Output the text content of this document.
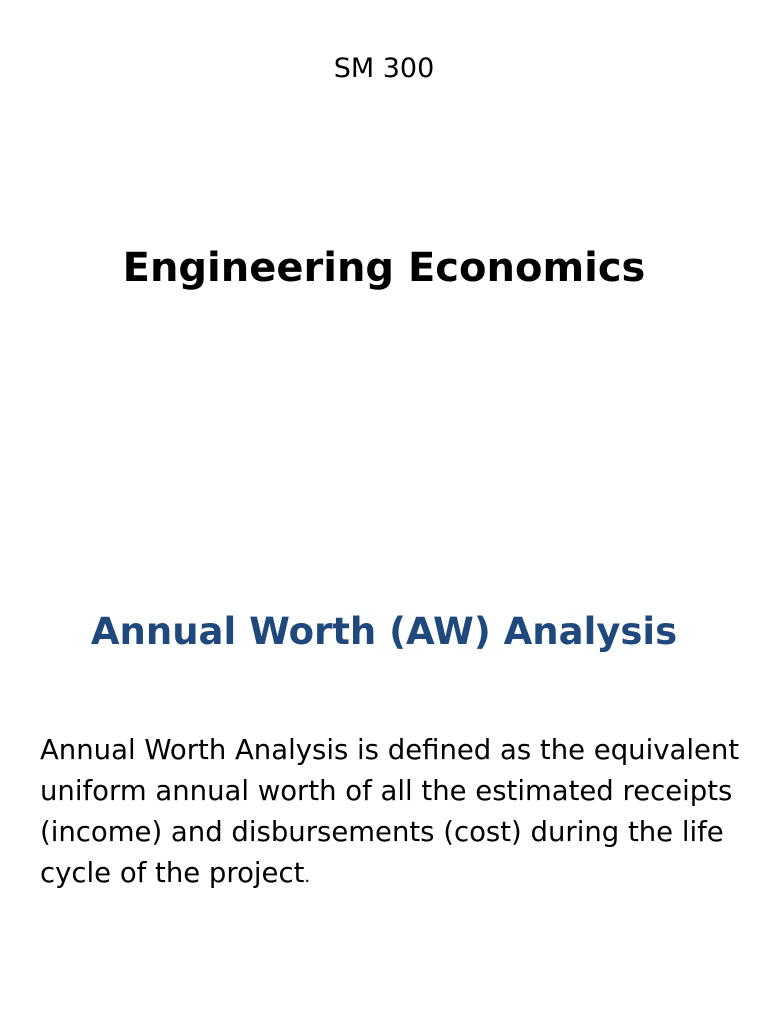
SM 300
Engineering Economics
Annual Worth (AW) Analysis

Annual Worth Analysis is defined as the equivalent uniform annual worth of all the estimated receipts (income) and disbursements (cost) during the life cycle of the project.
